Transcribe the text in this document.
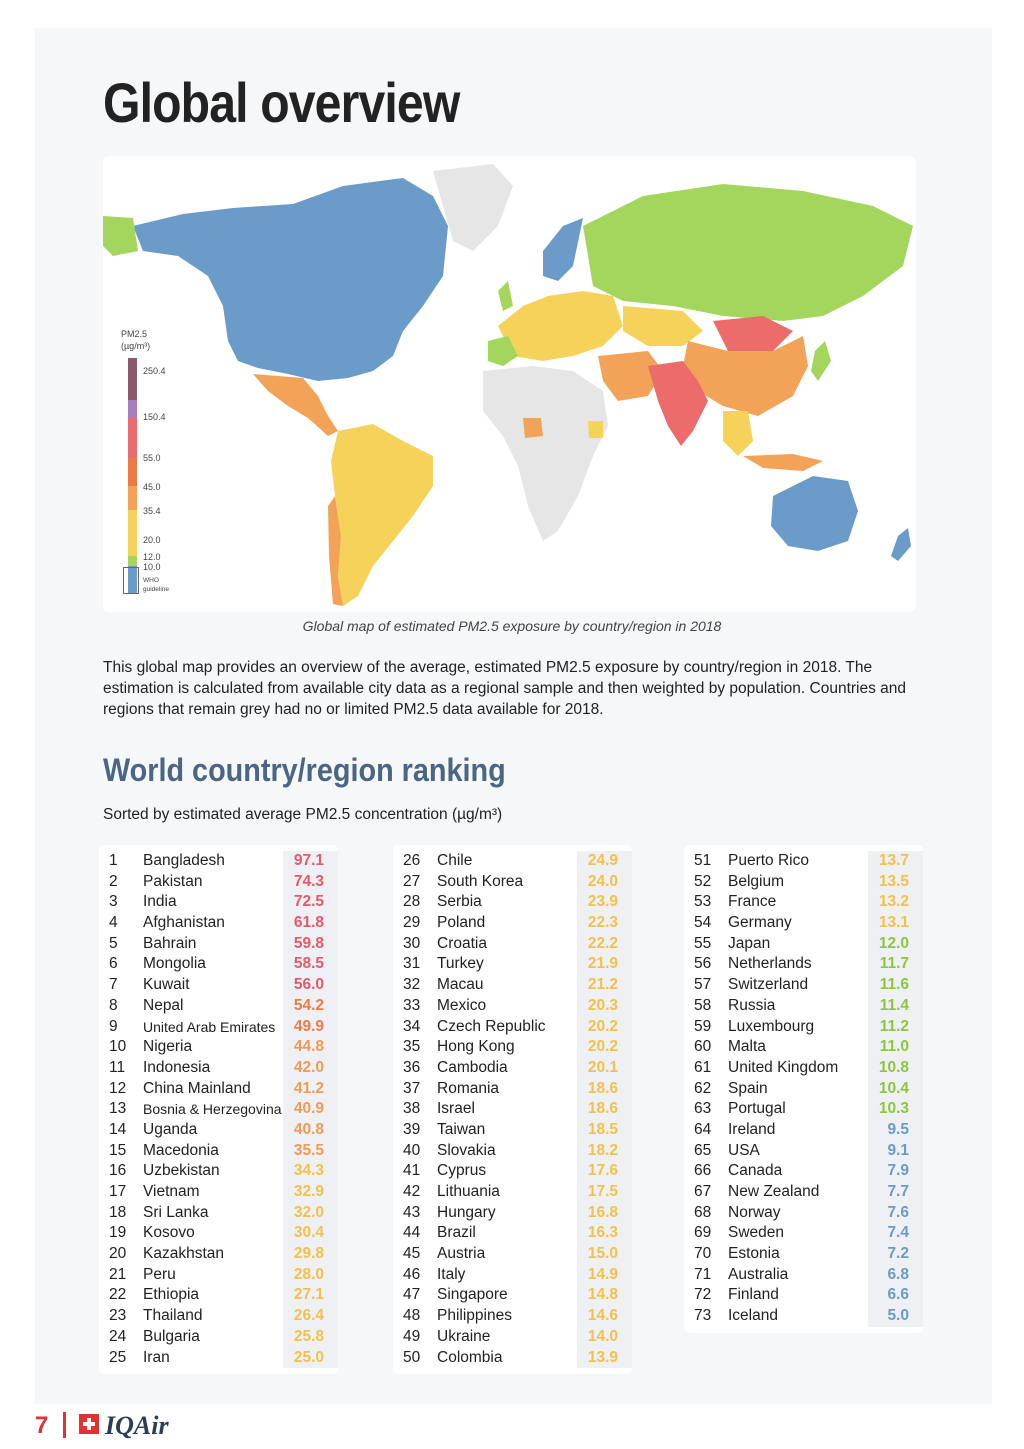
Global overview
PM2.5
(µg/m³)
250.4
150.4
55.0
45.0
35.4
20.0
12.0
10.0
WHO
guideline
Global map of estimated PM2.5 exposure by country/region in 2018
This global map provides an overview of the average, estimated PM2.5 exposure by country/region in 2018. The estimation is calculated from available city data as a regional sample and then weighted by population. Countries and regions that remain grey had no or limited PM2.5 data available for 2018.
World country/region ranking
Sorted by estimated average PM2.5 concentration (µg/m³)
1	Bangladesh	97.1
2	Pakistan	74.3
3	India	72.5
4	Afghanistan	61.8
5	Bahrain	59.8
6	Mongolia	58.5
7	Kuwait	56.0
8	Nepal	54.2
9	United Arab Emirates	49.9
10	Nigeria	44.8
11	Indonesia	42.0
12	China Mainland	41.2
13	Bosnia & Herzegovina 40.9
14	Uganda	40.8
15	Macedonia	35.5
16	Uzbekistan	34.3
17	Vietnam	32.9
18	Sri Lanka	32.0
19	Kosovo	30.4
20	Kazakhstan	29.8
21	Peru	28.0
22	Ethiopia	27.1
23	Thailand	26.4
24	Bulgaria	25.8
25	Iran	25.0
26	Chile	24.9
27	South Korea	24.0
28	Serbia	23.9
29	Poland	22.3
30	Croatia	22.2
31	Turkey	21.9
32	Macau	21.2
33	Mexico	20.3
34	Czech Republic	20.2
35	Hong Kong	20.2
36	Cambodia	20.1
37	Romania	18.6
38	Israel	18.6
39	Taiwan	18.5
40	Slovakia	18.2
41	Cyprus	17.6
42	Lithuania	17.5
43	Hungary	16.8
44	Brazil	16.3
45	Austria	15.0
46	Italy	14.9
47	Singapore	14.8
48	Philippines	14.6
49	Ukraine	14.0
50	Colombia	13.9
51	Puerto Rico	13.7
52	Belgium	13.5
53	France	13.2
54	Germany	13.1
55	Japan	12.0
56	Netherlands	11.7
57	Switzerland	11.6
58	Russia	11.4
59	Luxembourg	11.2
60	Malta	11.0
61	United Kingdom	10.8
62	Spain	10.4
63	Portugal	10.3
64	Ireland	9.5
65	USA	9.1
66	Canada	7.9
67	New Zealand	7.7
68	Norway	7.6
69	Sweden	7.4
70	Estonia	7.2
71	Australia	6.8
72	Finland	6.6
73	Iceland	5.0
7 IQAir
